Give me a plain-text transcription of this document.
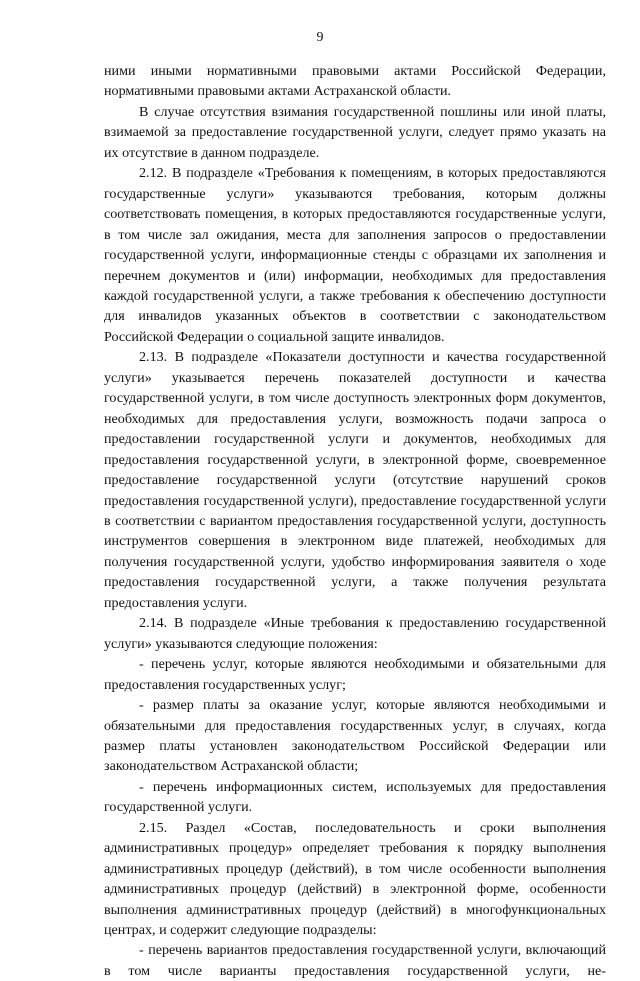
9

ними иными нормативными правовыми актами Российской Федерации, нормативными правовыми актами Астраханской области.

В случае отсутствия взимания государственной пошлины или иной платы, взимаемой за предоставление государственной услуги, следует прямо указать на их отсутствие в данном подразделе.

2.12. В подразделе «Требования к помещениям, в которых предоставляются государственные услуги» указываются требования, которым должны соответствовать помещения, в которых предоставляются государственные услуги, в том числе зал ожидания, места для заполнения запросов о предоставлении государственной услуги, информационные стенды с образцами их заполнения и перечнем документов и (или) информации, необходимых для предоставления каждой государственной услуги, а также требования к обеспечению доступности для инвалидов указанных объектов в соответствии с законодательством Российской Федерации о социальной защите инвалидов.

2.13. В подразделе «Показатели доступности и качества государственной услуги» указывается перечень показателей доступности и качества государственной услуги, в том числе доступность электронных форм документов, необходимых для предоставления услуги, возможность подачи запроса о предоставлении государственной услуги и документов, необходимых для предоставления государственной услуги, в электронной форме, своевременное предоставление государственной услуги (отсутствие нарушений сроков предоставления государственной услуги), предоставление государственной услуги в соответствии с вариантом предоставления государственной услуги, доступность инструментов совершения в электронном виде платежей, необходимых для получения государственной услуги, удобство информирования заявителя о ходе предоставления государственной услуги, а также получения результата предоставления услуги.

2.14. В подразделе «Иные требования к предоставлению государственной услуги» указываются следующие положения:

- перечень услуг, которые являются необходимыми и обязательными для предоставления государственных услуг;

- размер платы за оказание услуг, которые являются необходимыми и обязательными для предоставления государственных услуг, в случаях, когда размер платы установлен законодательством Российской Федерации или законодательством Астраханской области;

- перечень информационных систем, используемых для предоставления государственной услуги.

2.15. Раздел «Состав, последовательность и сроки выполнения административных процедур» определяет требования к порядку выполнения административных процедур (действий), в том числе особенности выполнения административных процедур (действий) в электронной форме, особенности выполнения административных процедур (действий) в многофункциональных центрах, и содержит следующие подразделы:

- перечень вариантов предоставления государственной услуги, включающий в том числе варианты предоставления государственной услуги, не-
